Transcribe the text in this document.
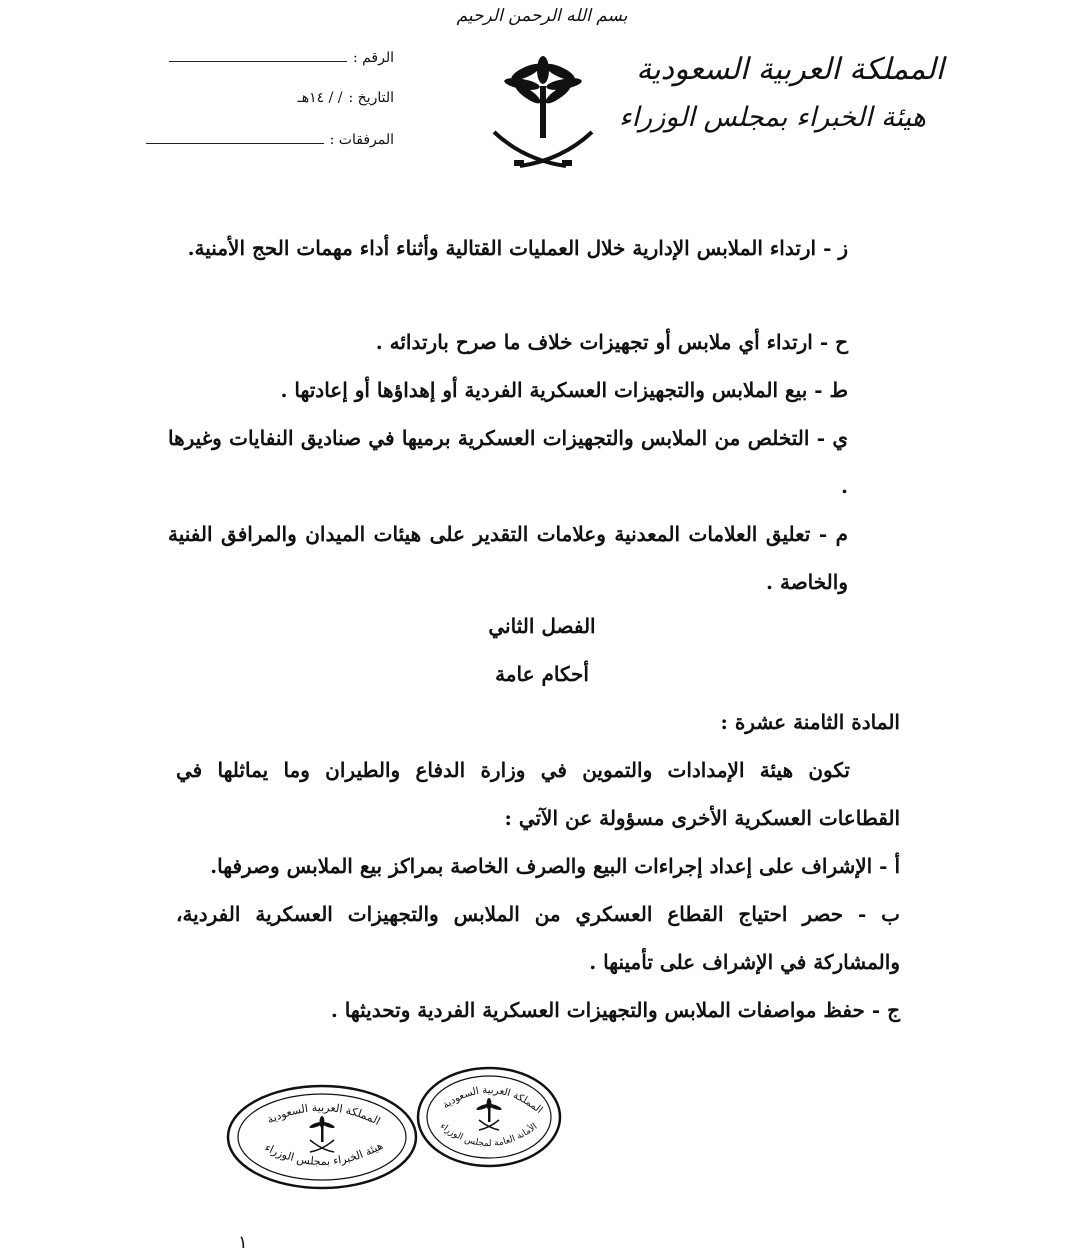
بسم الله الرحمن الرحيم
المملكة العربية السعودية
هيئة الخبراء بمجلس الوزراء
الرقم :
التاريخ :
/ / ١٤هـ
المرفقات :
ز - ارتداء الملابس الإدارية خلال العمليات القتالية وأثناء أداء مهمات الحج الأمنية.
ح - ارتداء أي ملابس أو تجهيزات خلاف ما صرح بارتدائه .
ط - بيع الملابس والتجهيزات العسكرية الفردية أو إهداؤها أو إعادتها .
ي - التخلص من الملابس والتجهيزات العسكرية برميها في صناديق النفايات وغيرها .
م - تعليق العلامات المعدنية وعلامات التقدير على هيئات الميدان والمرافق الفنية والخاصة .
الفصل الثاني
أحكام عامة
المادة الثامنة عشرة :
تكون هيئة الإمدادات والتموين في وزارة الدفاع والطيران وما يماثلها في القطاعات العسكرية الأخرى مسؤولة عن الآتي :
أ - الإشراف على إعداد إجراءات البيع والصرف الخاصة بمراكز بيع الملابس وصرفها.
ب - حصر احتياج القطاع العسكري من الملابس والتجهيزات العسكرية الفردية، والمشاركة في الإشراف على تأمينها .
ج - حفظ مواصفات الملابس والتجهيزات العسكرية الفردية وتحديثها .
المملكة العربية السعودية
هيئة الخبراء بمجلس الوزراء
المملكة العربية السعودية
الأمانة العامة لمجلس الوزراء
١
